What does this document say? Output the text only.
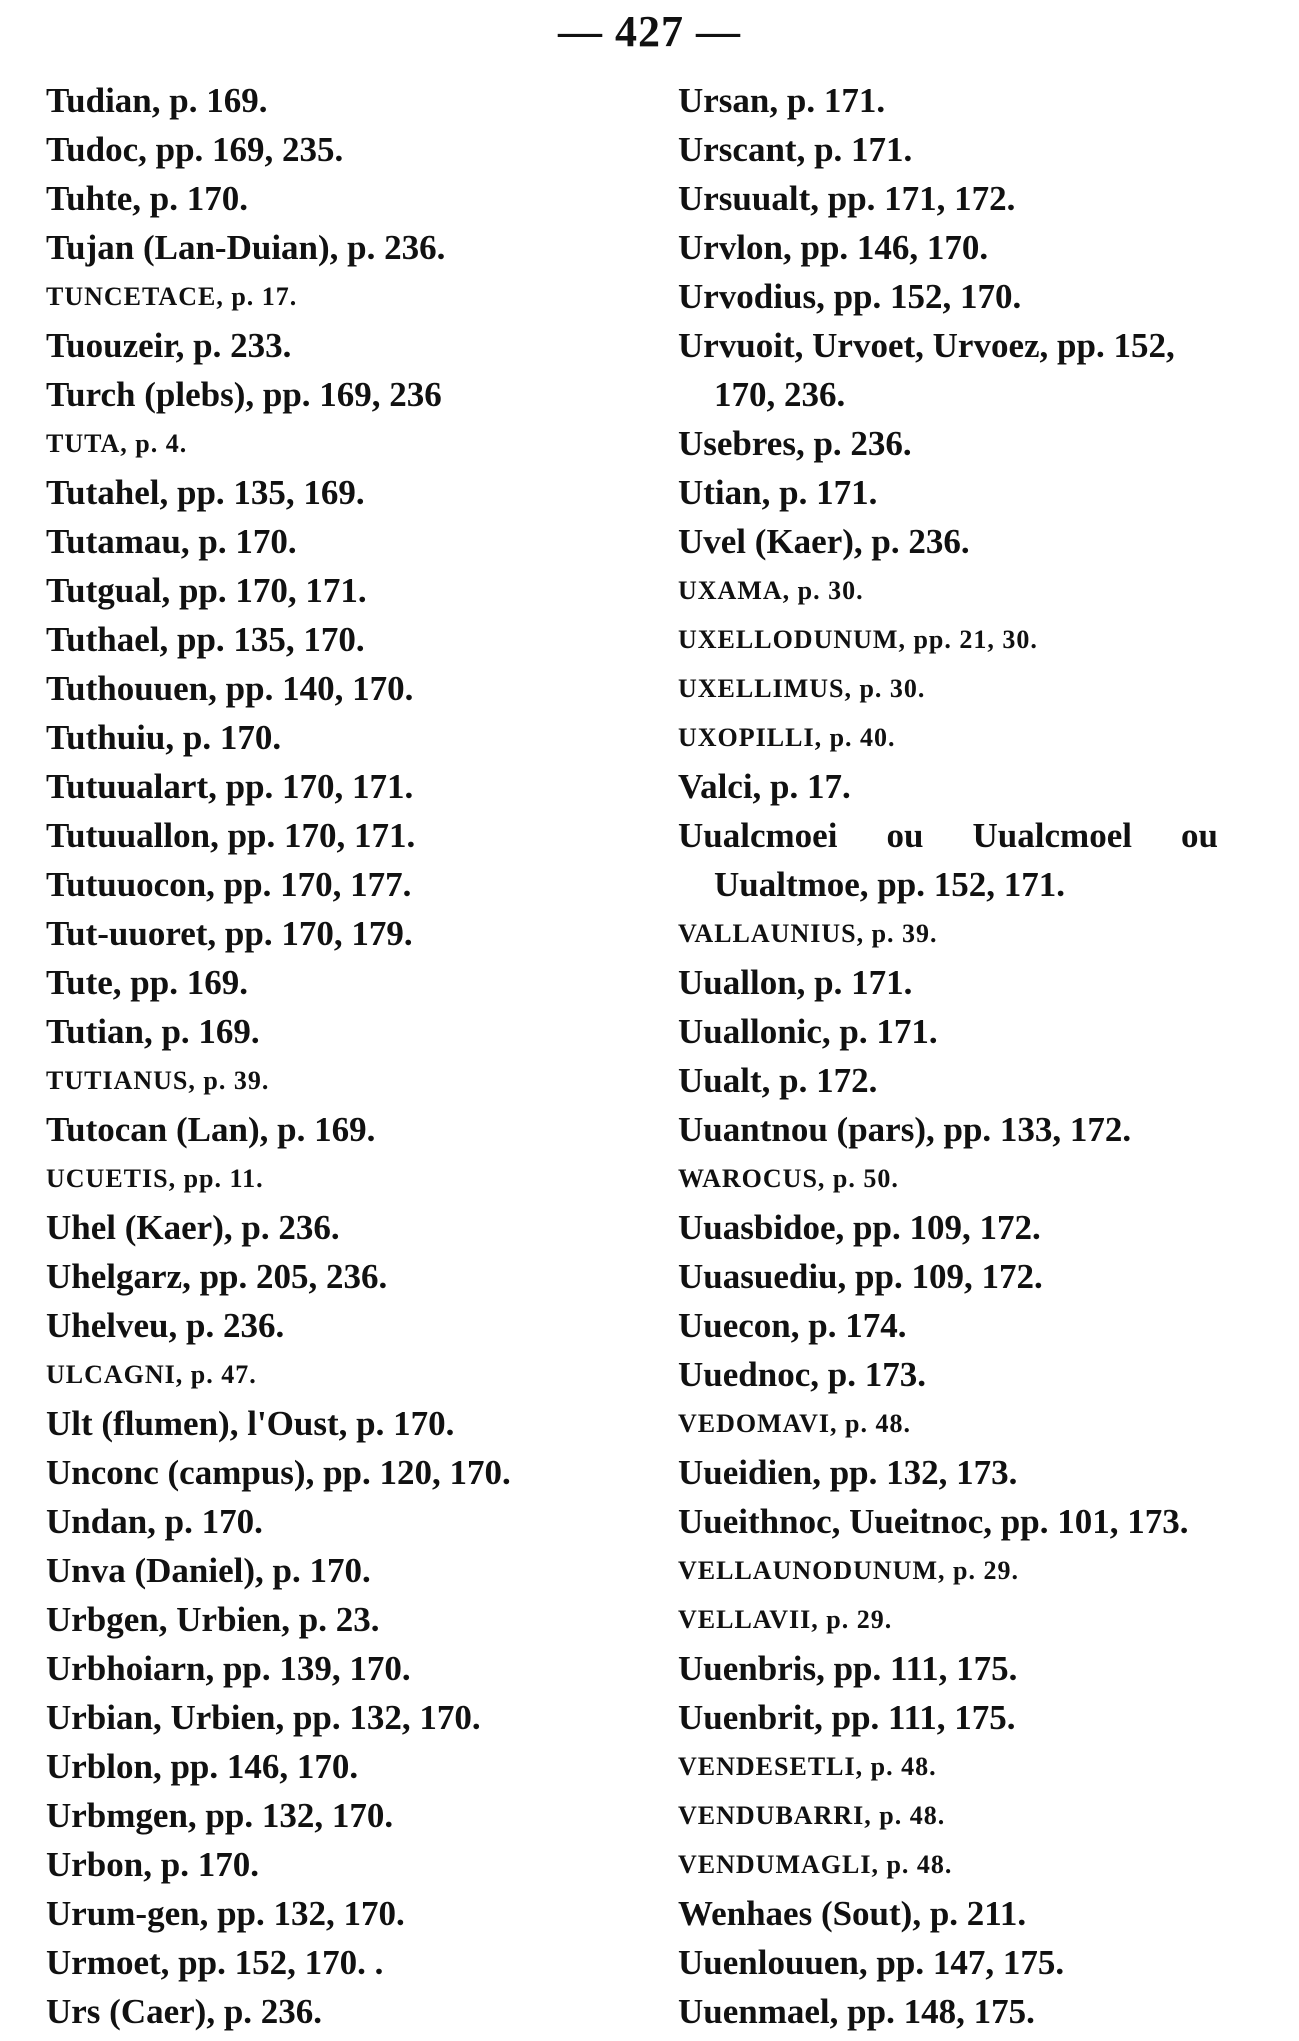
— 427 —
Tudian, p. 169.
Tudoc, pp. 169, 235.
Tuhte, p. 170.
Tujan (Lan-Duian), p. 236.
TUNCETACE, p. 17.
Tuouzeir, p. 233.
Turch (plebs), pp. 169, 236
TUTA, p. 4.
Tutahel, pp. 135, 169.
Tutamau, p. 170.
Tutgual, pp. 170, 171.
Tuthael, pp. 135, 170.
Tuthouuen, pp. 140, 170.
Tuthuiu, p. 170.
Tutuualart, pp. 170, 171.
Tutuuallon, pp. 170, 171.
Tutuuocon, pp. 170, 177.
Tut-uuoret, pp. 170, 179.
Tute, pp. 169.
Tutian, p. 169.
TUTIANUS, p. 39.
Tutocan (Lan), p. 169.
UCUETIS, pp. 11.
Uhel (Kaer), p. 236.
Uhelgarz, pp. 205, 236.
Uhelveu, p. 236.
ULCAGNI, p. 47.
Ult (flumen), l'Oust, p. 170.
Unconc (campus), pp. 120, 170.
Undan, p. 170.
Unva (Daniel), p. 170.
Urbgen, Urbien, p. 23.
Urbhoiarn, pp. 139, 170.
Urbian, Urbien, pp. 132, 170.
Urblon, pp. 146, 170.
Urbmgen, pp. 132, 170.
Urbon, p. 170.
Urum-gen, pp. 132, 170.
Urmoet, pp. 152, 170. .
Urs (Caer), p. 236.
Ursan, p. 171.
Urscant, p. 171.
Ursuualt, pp. 171, 172.
Urvlon, pp. 146, 170.
Urvodius, pp. 152, 170.
Urvuoit, Urvoet, Urvoez, pp. 152,
170, 236.
Usebres, p. 236.
Utian, p. 171.
Uvel (Kaer), p. 236.
UXAMA, p. 30.
UXELLODUNUM, pp. 21, 30.
UXELLIMUS, p. 30.
UXOPILLI, p. 40.
Valci, p. 17.
Uualcmoei ou Uualcmoel ou
Uualtmoe, pp. 152, 171.
VALLAUNIUS, p. 39.
Uuallon, p. 171.
Uuallonic, p. 171.
Uualt, p. 172.
Uuantnou (pars), pp. 133, 172.
WAROCUS, p. 50.
Uuasbidoe, pp. 109, 172.
Uuasuediu, pp. 109, 172.
Uuecon, p. 174.
Uuednoc, p. 173.
VEDOMAVI, p. 48.
Uueidien, pp. 132, 173.
Uueithnoc, Uueitnoc, pp. 101, 173.
VELLAUNODUNUM, p. 29.
VELLAVII, p. 29.
Uuenbris, pp. 111, 175.
Uuenbrit, pp. 111, 175.
VENDESETLI, p. 48.
VENDUBARRI, p. 48.
VENDUMAGLI, p. 48.
Wenhaes (Sout), p. 211.
Uuenlouuen, pp. 147, 175.
Uuenmael, pp. 148, 175.
